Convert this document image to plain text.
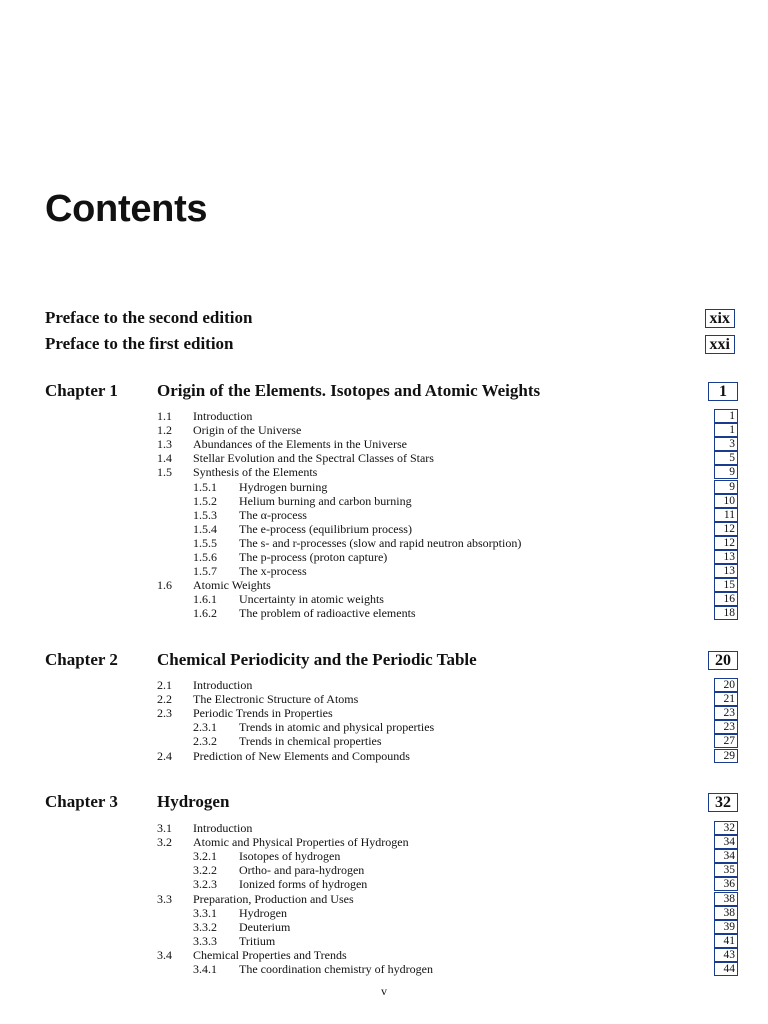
Contents
Preface to the second edition	xix
Preface to the first edition	xxi
Chapter 1	Origin of the Elements. Isotopes and Atomic Weights	1
1.1 Introduction	1
1.2 Origin of the Universe	1
1.3 Abundances of the Elements in the Universe	3
1.4 Stellar Evolution and the Spectral Classes of Stars	5
1.5 Synthesis of the Elements	9
1.5.1 Hydrogen burning	9
1.5.2 Helium burning and carbon burning	10
1.5.3 The α-process	11
1.5.4 The e-process (equilibrium process)	12
1.5.5 The s- and r-processes (slow and rapid neutron absorption)	12
1.5.6 The p-process (proton capture)	13
1.5.7 The x-process	13
1.6 Atomic Weights	15
1.6.1 Uncertainty in atomic weights	16
1.6.2 The problem of radioactive elements	18
Chapter 2	Chemical Periodicity and the Periodic Table	20
2.1 Introduction	20
2.2 The Electronic Structure of Atoms	21
2.3 Periodic Trends in Properties	23
2.3.1 Trends in atomic and physical properties	23
2.3.2 Trends in chemical properties	27
2.4 Prediction of New Elements and Compounds	29
Chapter 3	Hydrogen	32
3.1 Introduction	32
3.2 Atomic and Physical Properties of Hydrogen	34
3.2.1 Isotopes of hydrogen	34
3.2.2 Ortho- and para-hydrogen	35
3.2.3 Ionized forms of hydrogen	36
3.3 Preparation, Production and Uses	38
3.3.1 Hydrogen	38
3.3.2 Deuterium	39
3.3.3 Tritium	41
3.4 Chemical Properties and Trends	43
3.4.1 The coordination chemistry of hydrogen	44
v
